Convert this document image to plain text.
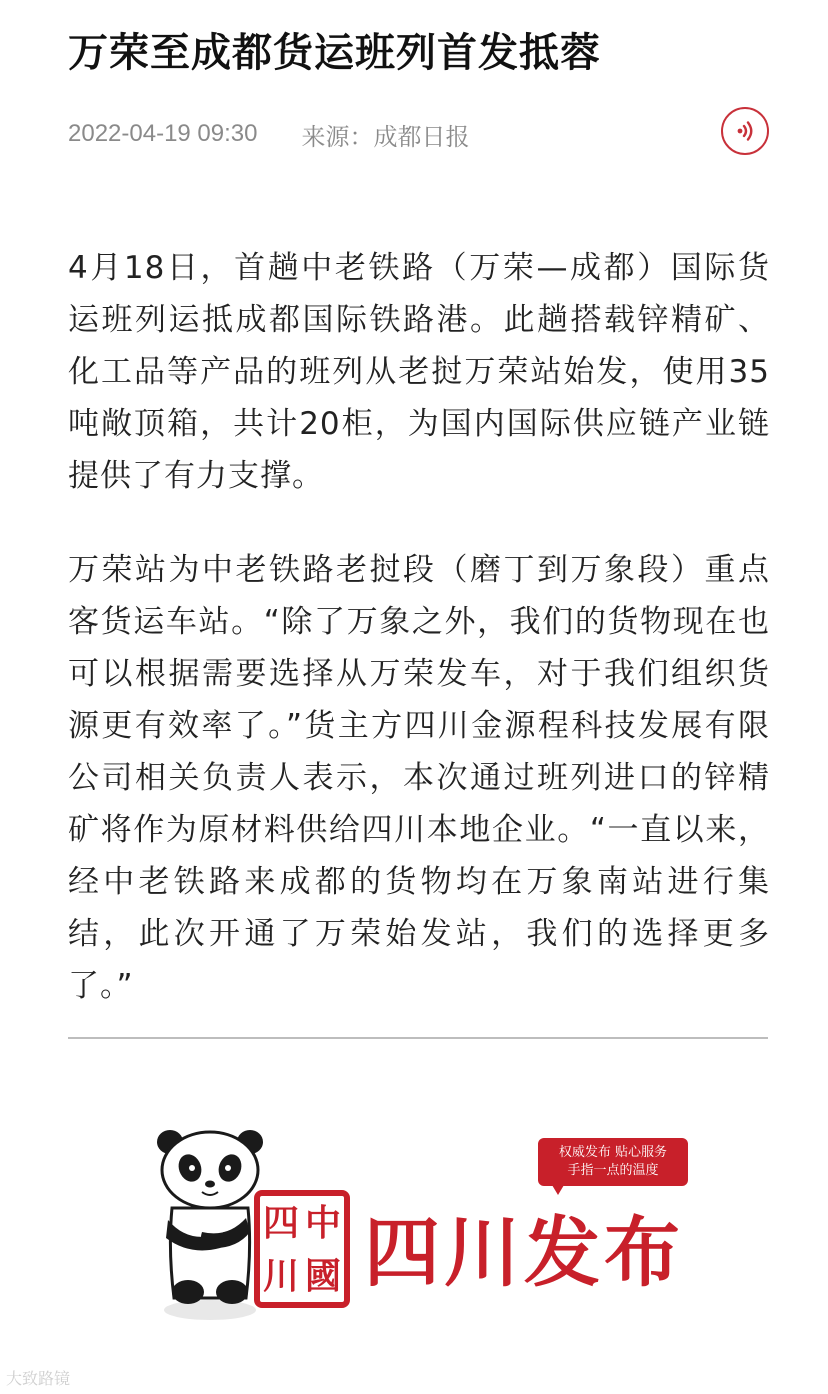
万荣至成都货运班列首发抵蓉
2022-04-19 09:30 来源：成都日报

4月18日，首趟中老铁路（万荣—成都）国际货运班列运抵成都国际铁路港。此趟搭载锌精矿、化工品等产品的班列从老挝万荣站始发，使用35吨敞顶箱，共计20柜，为国内国际供应链产业链提供了有力支撑。

万荣站为中老铁路老挝段（磨丁到万象段）重点客货运车站。“除了万象之外，我们的货物现在也可以根据需要选择从万荣发车，对于我们组织货源更有效率了。”货主方四川金源程科技发展有限公司相关负责人表示，本次通过班列进口的锌精矿将作为原材料供给四川本地企业。“一直以来，经中老铁路来成都的货物均在万象南站进行集结，此次开通了万荣始发站，我们的选择更多了。”

四 中
川 國 四川发布
权威发布 贴心服务
手指一点的温度
大致路镜
